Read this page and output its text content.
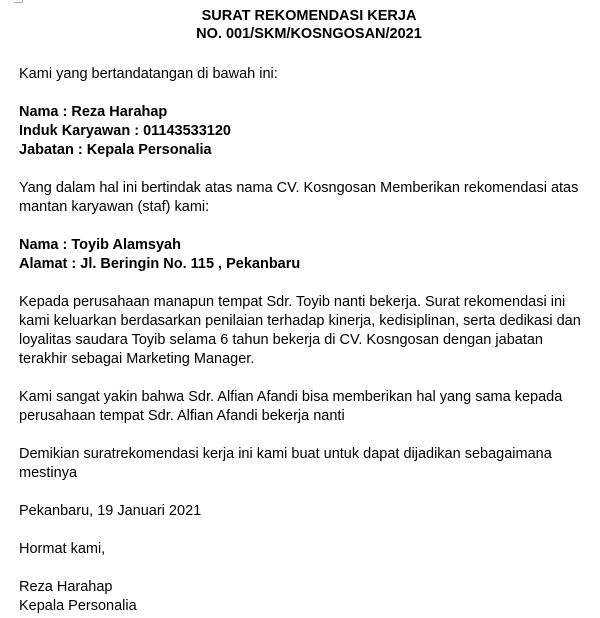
SURAT REKOMENDASI KERJA
NO. 001/SKM/KOSNGOSAN/2021

Kami yang bertandatangan di bawah ini:

Nama : Reza Harahap

Induk Karyawan : 01143533120

Jabatan : Kepala Personalia

Yang dalam hal ini bertindak atas nama CV. Kosngosan Memberikan rekomendasi atas

mantan karyawan (staf) kami:

Nama : Toyib Alamsyah

Alamat : Jl. Beringin No. 115 , Pekanbaru

Kepada perusahaan manapun tempat Sdr. Toyib nanti bekerja. Surat rekomendasi ini

kami keluarkan berdasarkan penilaian terhadap kinerja, kedisiplinan, serta dedikasi dan

loyalitas saudara Toyib selama 6 tahun bekerja di CV. Kosngosan dengan jabatan

terakhir sebagai Marketing Manager.

Kami sangat yakin bahwa Sdr. Alfian Afandi bisa memberikan hal yang sama kepada

perusahaan tempat Sdr. Alfian Afandi bekerja nanti

Demikian suratrekomendasi kerja ini kami buat untuk dapat dijadikan sebagaimana

mestinya

Pekanbaru, 19 Januari 2021

Hormat kami,

Reza Harahap

Kepala Personalia
